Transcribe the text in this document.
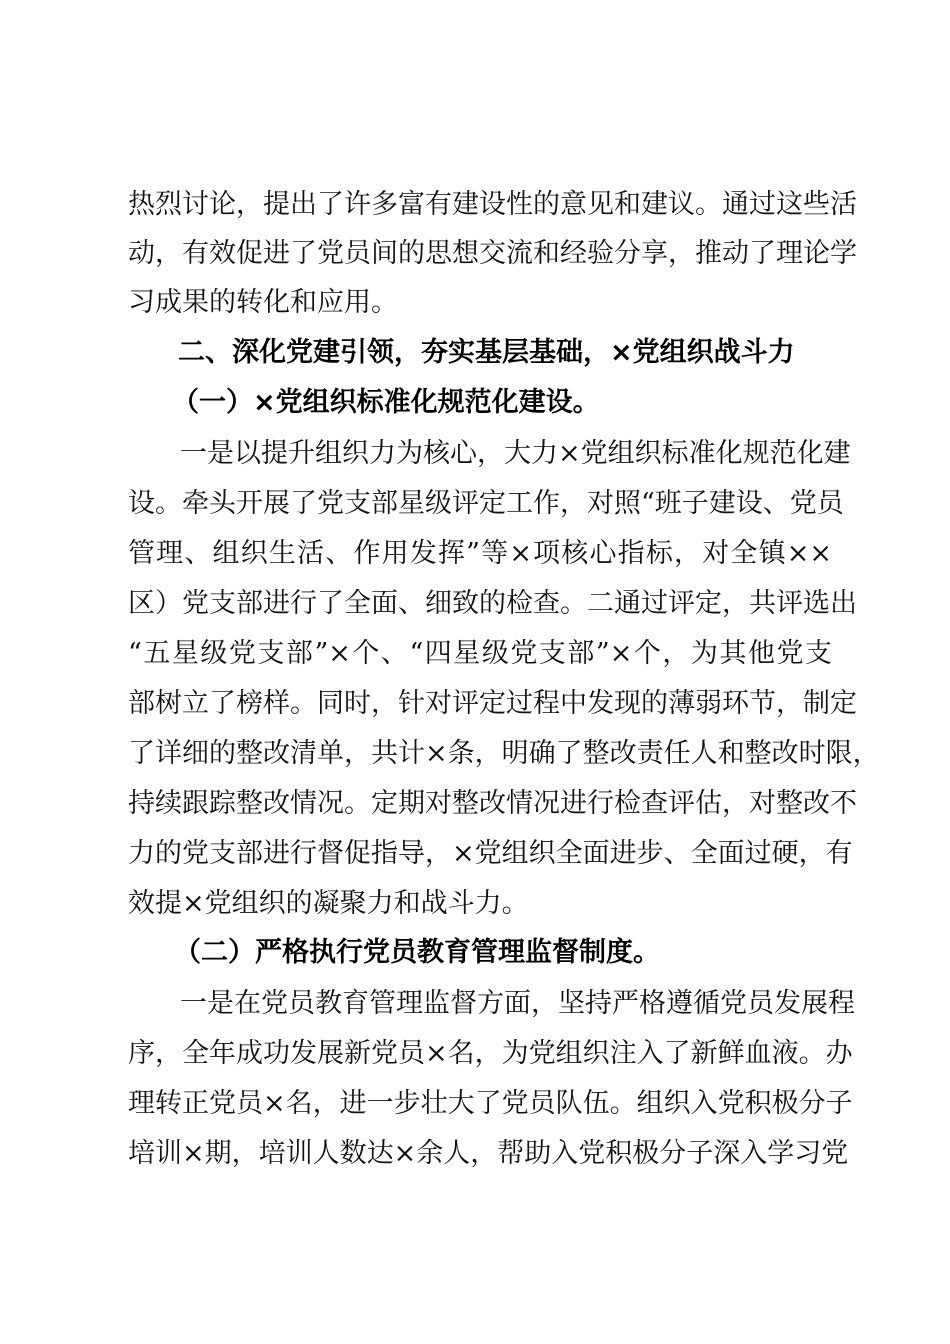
热烈讨论，提出了许多富有建设性的意见和建议。通过这些活
动，有效促进了党员间的思想交流和经验分享，推动了理论学
习成果的转化和应用。
二、深化党建引领，夯实基层基础，×党组织战斗力
（一）×党组织标准化规范化建设。
一是以提升组织力为核心，大力×党组织标准化规范化建
设。牵头开展了党支部星级评定工作，对照“班子建设、党员
管理、组织生活、作用发挥”等×项核心指标，对全镇××
区）党支部进行了全面、细致的检查。二通过评定，共评选出
“五星级党支部”×个、“四星级党支部”×个，为其他党支
部树立了榜样。同时，针对评定过程中发现的薄弱环节，制定
了详细的整改清单，共计×条，明确了整改责任人和整改时限，
持续跟踪整改情况。定期对整改情况进行检查评估，对整改不
力的党支部进行督促指导，×党组织全面进步、全面过硬，有
效提×党组织的凝聚力和战斗力。
（二）严格执行党员教育管理监督制度。
一是在党员教育管理监督方面，坚持严格遵循党员发展程
序，全年成功发展新党员×名，为党组织注入了新鲜血液。办
理转正党员×名，进一步壮大了党员队伍。组织入党积极分子
培训×期，培训人数达×余人，帮助入党积极分子深入学习党
